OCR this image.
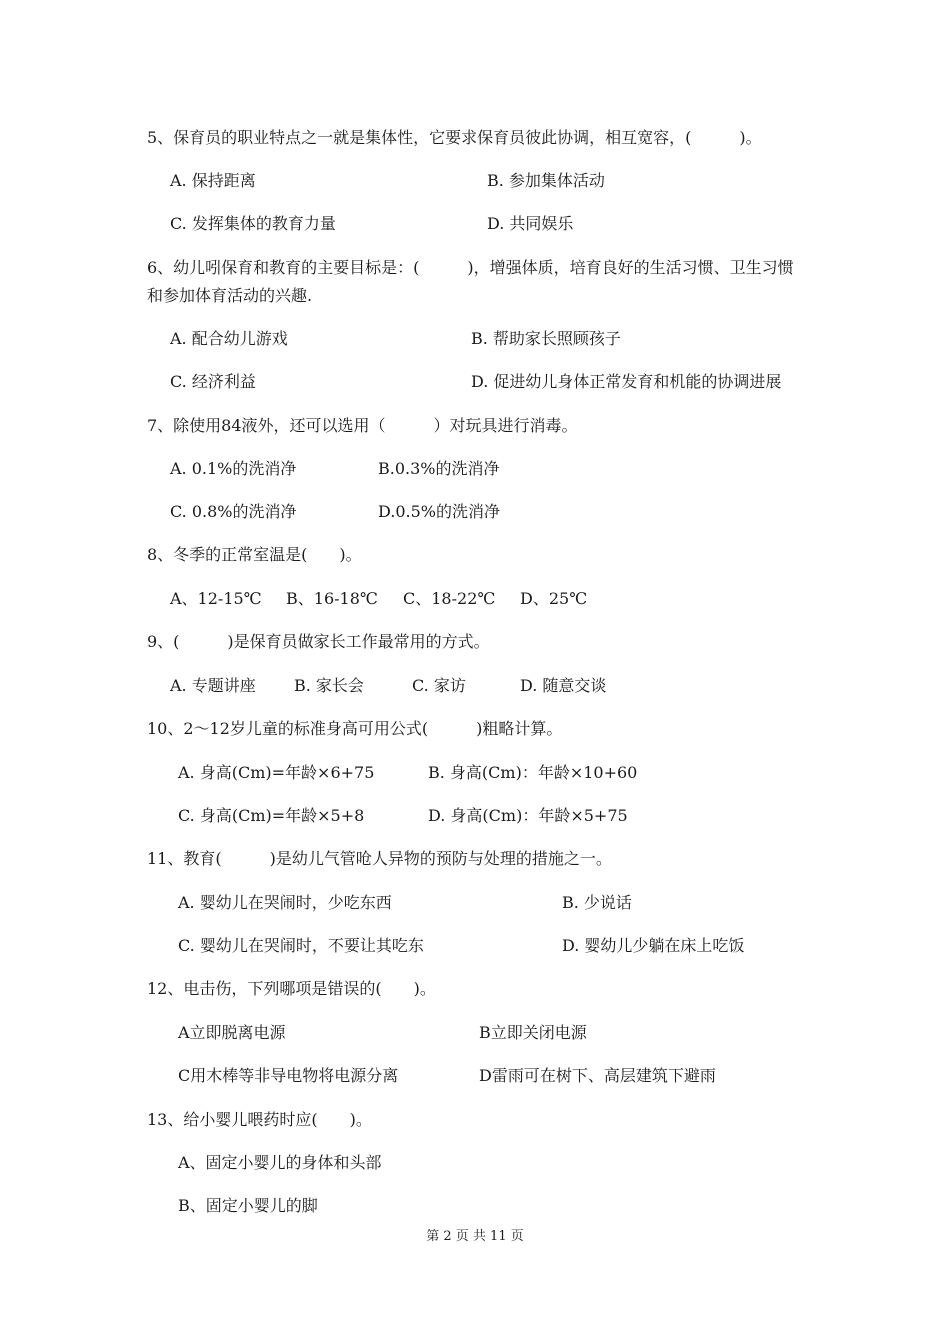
5、保育员的职业特点之一就是集体性，它要求保育员彼此协调，相互宽容，(　　　)。
A. 保持距离	B. 参加集体活动
C. 发挥集体的教育力量	D. 共同娱乐
6、幼儿吲保育和教育的主要目标是：(　　　)，增强体质，培育良好的生活习惯、卫生习惯
和参加体育活动的兴趣.
A. 配合幼儿游戏	B. 帮助家长照顾孩子
C. 经济利益	D. 促进幼儿身体正常发育和机能的协调进展
7、除使用84液外，还可以选用（　　　）对玩具进行消毒。
A. 0.1%的洗消净	B.0.3%的洗消净
C. 0.8%的洗消净	D.0.5%的洗消净
8、冬季的正常室温是(　　)。
A、12-15℃ B、16-18℃ C、18-22℃ D、25℃
9、(　　　)是保育员做家长工作最常用的方式。
A. 专题讲座 B. 家长会	C. 家访	D. 随意交谈
10、2～12岁儿童的标准身高可用公式(　　　)粗略计算。
A. 身高(Cm)=年龄×6+75	B. 身高(Cm)：年龄×10+60
C. 身高(Cm)=年龄×5+8	D. 身高(Cm)：年龄×5+75
11、教育(　　　)是幼儿气管呛人异物的预防与处理的措施之一。
A. 婴幼儿在哭闹时，少吃东西	B. 少说话
C. 婴幼儿在哭闹时，不要让其吃东	D. 婴幼儿少躺在床上吃饭
12、电击伤，下列哪项是错误的(　　)。
A立即脱离电源	B立即关闭电源
C用木棒等非导电物将电源分离	D雷雨可在树下、高层建筑下避雨
13、给小婴儿喂药时应(　　)。
A、固定小婴儿的身体和头部
B、固定小婴儿的脚
第 2 页 共 11 页
